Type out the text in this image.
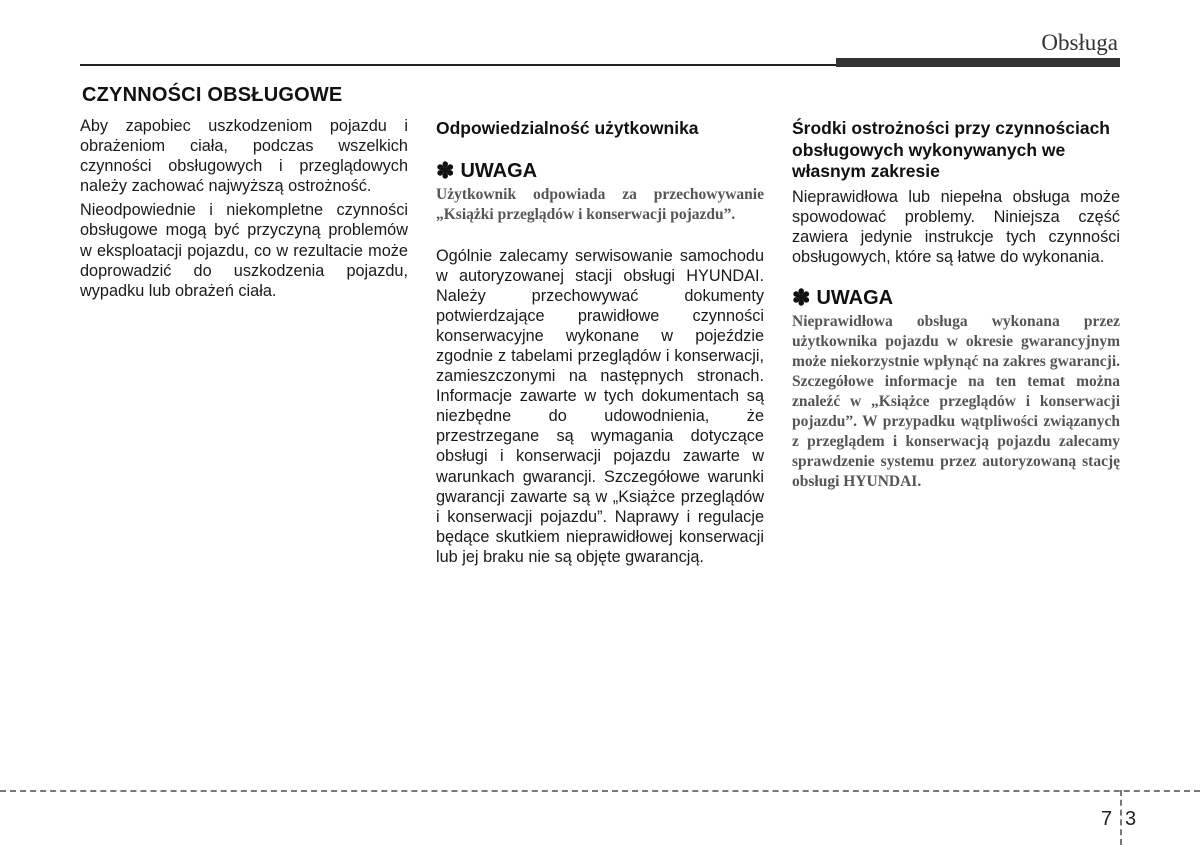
Obsługa
CZYNNOŚCI OBSŁUGOWE

Aby zapobiec uszkodzeniom pojazdu i obrażeniom ciała, podczas wszelkich czynności obsługowych i przeglądowych należy zachować najwyższą ostrożność.

Nieodpowiednie i niekompletne czynności obsługowe mogą być przyczyną problemów w eksploatacji pojazdu, co w rezultacie może doprowadzić do uszkodzenia pojazdu, wypadku lub obrażeń ciała.

Odpowiedzialność użytkownika
✽ UWAGA

Użytkownik odpowiada za przechowywanie „Książki przeglądów i konserwacji pojazdu”.

Ogólnie zalecamy serwisowanie samochodu w autoryzowanej stacji obsługi HYUNDAI. Należy przechowywać dokumenty potwierdzające prawidłowe czynności konserwacyjne wykonane w pojeździe zgodnie z tabelami przeglądów i konserwacji, zamieszczonymi na następnych stronach. Informacje zawarte w tych dokumentach są niezbędne do udowodnienia, że przestrzegane są wymagania dotyczące obsługi i konserwacji pojazdu zawarte w warunkach gwarancji. Szczegółowe warunki gwarancji zawarte są w „Książce przeglądów i konserwacji pojazdu”. Naprawy i regulacje będące skutkiem nieprawidłowej konserwacji lub jej braku nie są objęte gwarancją.

Środki ostrożności przy czynnościach obsługowych wykonywanych we własnym zakresie

Nieprawidłowa lub niepełna obsługa może spowodować problemy. Niniejsza część zawiera jedynie instrukcje tych czynności obsługowych, które są łatwe do wykonania.

✽ UWAGA

Nieprawidłowa obsługa wykonana przez użytkownika pojazdu w okresie gwarancyjnym może niekorzystnie wpłynąć na zakres gwarancji. Szczegółowe informacje na ten temat można znaleźć w „Książce przeglądów i konserwacji pojazdu”. W przypadku wątpliwości związanych z przeglądem i konserwacją pojazdu zalecamy sprawdzenie systemu przez autoryzowaną stację obsługi HYUNDAI.

7 3
